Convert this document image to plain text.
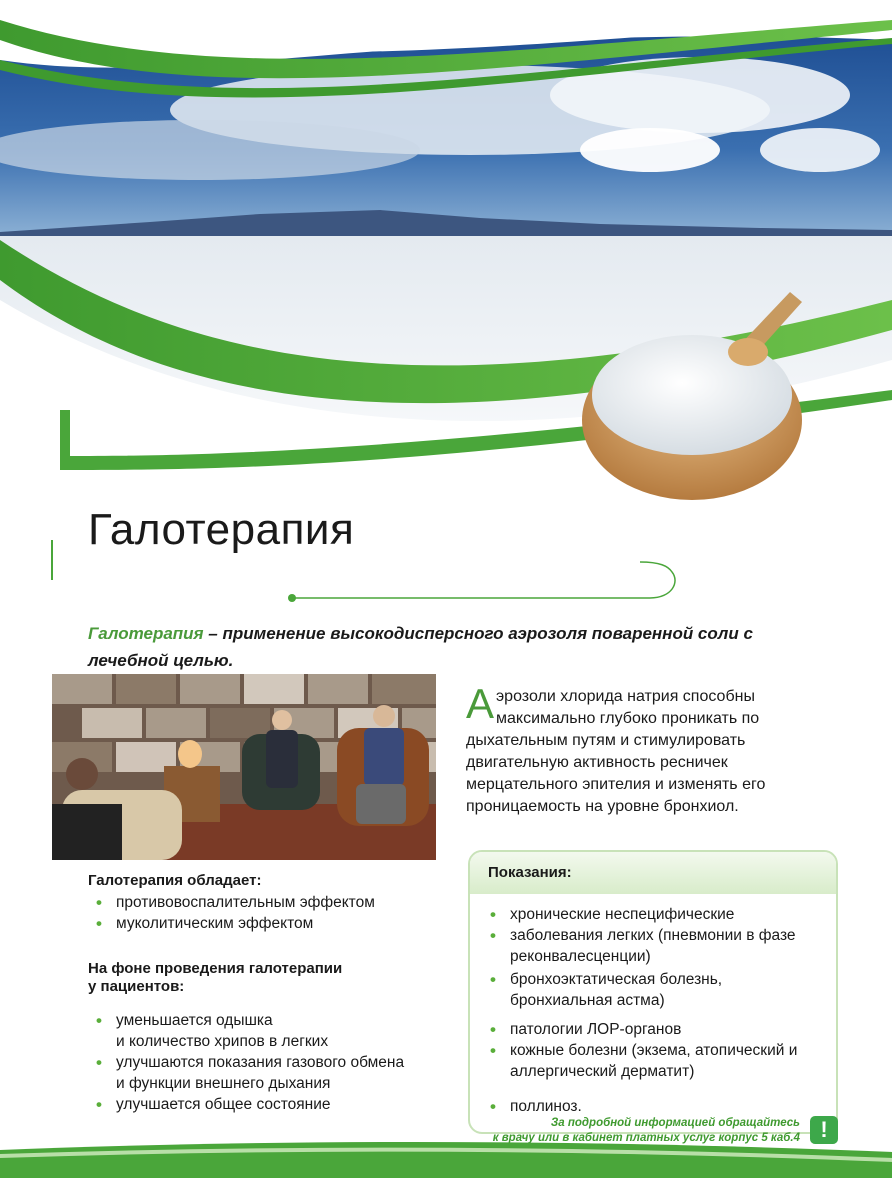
Галотерапия
Галотерапия – применение высокодисперсного аэрозоля поваренной соли с лечебной целью.
Аэрозоли хлорида натрия способны максимально глубоко проникать по дыхательным путям и стимулировать двигательную активность ресничек мерцательного эпителия и изменять его проницаемость на уровне бронхиол.
Галотерапия обладает:
• противовоспалительным эффектом
• муколитическим эффектом
На фоне проведения галотерапии
у пациентов:
• уменьшается одышка
и количество хрипов в легких
• улучшаются показания газового обмена
и функции внешнего дыхания
• улучшается общее состояние
Показания:
• хронические неспецифические
• заболевания легких (пневмонии в фазе реконвалесценции)
• бронхоэктатическая болезнь, бронхиальная астма)
• патологии ЛОР-органов
• кожные болезни (экзема, атопический и аллергический дерматит)
• поллиноз.
За подробной информацией обращайтесь
к врачу или в кабинет платных услуг корпус 5 каб.4 !
